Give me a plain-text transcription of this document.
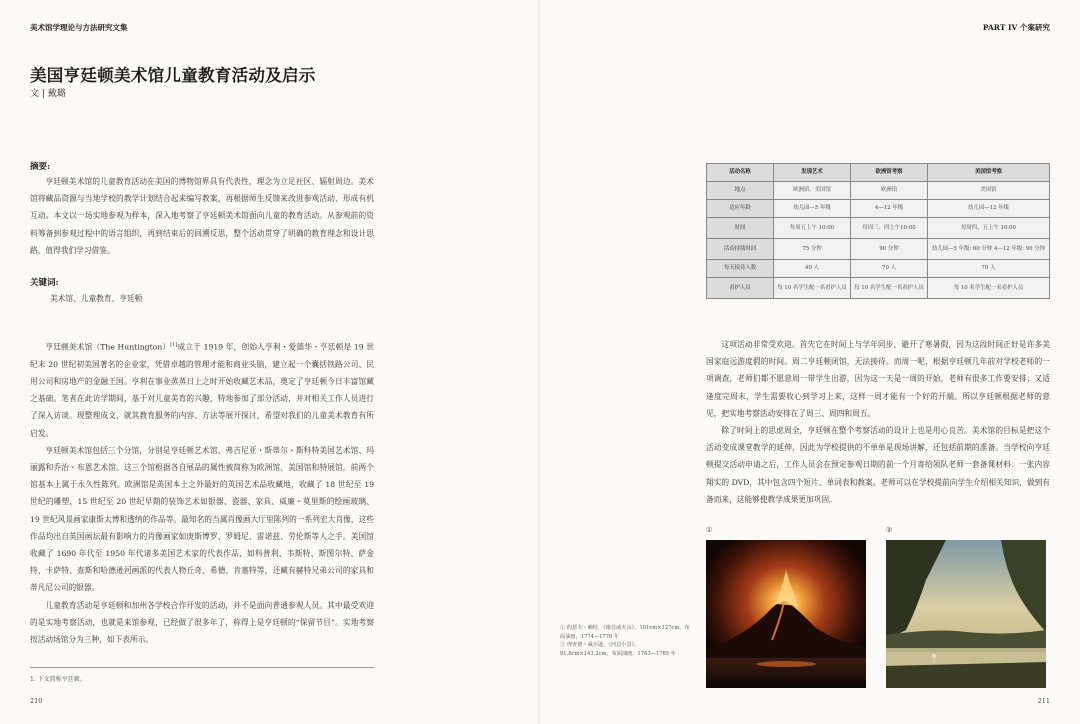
美术馆学理论与方法研究文集
美国亨廷顿美术馆儿童教育活动及启示
文 | 戴璐
摘要:

亨廷顿美术馆的儿童教育活动在美国的博物馆界具有代表性，理念为立足社区、辐射周边。美术馆将藏品资源与当地学校的教学计划结合起来编写教案，再根据师生反馈来改进参观活动，形成有机互动。本文以一场实地参观为样本，深入地考察了亨廷顿美术馆面向儿童的教育活动。从参观前的资料筹备到参观过程中的语言组织，再到结束后的回溯反思，整个活动贯穿了明确的教育理念和设计思路，值得我们学习借鉴。

关键词:
美术馆、儿童教育、亨廷顿

亨廷顿美术馆（The Huntington）[1]成立于 1919 年，创始人亨利・爱德华・亨廷顿是 19 世纪末 20 世纪初美国著名的企业家，凭借卓越的管理才能和商业头脑，建立起一个囊括铁路公司、民用公司和房地产的金融王国。亨利在事业蒸蒸日上之时开始收藏艺术品，奠定了亨廷顿今日丰富馆藏之基础。笔者在此访学期间，基于对儿童美育的兴趣，特地参加了部分活动，并对相关工作人员进行了深入访谈。现整理成文，就其教育服务的内容、方法等展开探讨，希望对我们的儿童美术教育有所启发。

亨廷顿美术馆包括三个分馆，分别是亨廷顿艺术馆、弗吉尼亚・斯蒂尔・斯科特美国艺术馆、玛丽露和乔治・布恩艺术馆。这三个馆根据各自展品的属性被简称为欧洲馆、美国馆和特展馆。前两个馆基本上属于永久性陈列。欧洲馆是英国本土之外最好的英国艺术品收藏地，收藏了 18 世纪至 19 世纪的雕塑，15 世纪至 20 世纪早期的装饰艺术如银器、瓷器、家具、威廉・莫里斯的绘画玻璃、19 世纪风景画家康斯太博和透纳的作品等。最知名的当属肖像画大厅里陈列的一系列宏大肖像，这些作品均出自英国画坛最有影响力的肖像画家如庚斯博罗、罗姆尼、雷诺兹、劳伦斯等人之手。美国馆收藏了 1690 年代至 1950 年代诸多美国艺术家的代表作品，如科普利、韦斯特、斯图尔特、萨金特、卡萨特、查斯和哈德逊河画派的代表人物丘奇、希德、肯塞特等，还藏有赫特兄弟公司的家具和蒂凡尼公司的银器。

儿童教育活动是亨廷顿和加州各学校合作开发的活动，并不是面向普通参观人员。其中最受欢迎的是实地考察活动，也就是来馆参观，已经做了很多年了，称得上是亨廷顿的“保留节目”。实地考察按活动场馆分为三种，如下表所示。

1. 下文简称亨廷顿。
210
PART IV 个案研究
活动名称	发现艺术	欧洲馆考察	美国馆考察
地点	欧洲馆、美国馆	欧洲馆	美国馆
适应年龄	幼儿园—5 年级	4—12 年级	幼儿园—12 年级
时间	每周五上午 10:00	每周三、四上午10:00	每周四、五上午 10:00
活动持续时间	75 分钟	90 分钟	幼儿园—5 年级: 60 分钟 4—12 年级: 90 分钟
每天接待人数	40 人	70 人	70 人
看护人员	每 10 名学生配一名看护人员	每 10 名学生配一名看护人员	每 10 名学生配一名看护人员

这项活动非常受欢迎。首先它在时间上与学年同步，避开了寒暑假，因为这段时间正好是许多美国家庭远游度假的时间。周二亨廷顿闭馆，无法接待。而周一呢，根据亨廷顿几年前对学校老师的一项调查，老师们都不愿意周一带学生出游，因为这一天是一周的开始，老师有很多工作要安排；又适逢度完周末，学生需要收心到学习上来，这样一周才能有一个好的开端。所以亨廷顿根据老师的意见，把实地考察活动安排在了周三、周四和周五。

除了时间上的思虑周全，亨廷顿在整个考察活动的设计上也是用心良苦。美术馆的目标是把这个活动变成课堂教学的延伸，因此为学校提供的不单单是现场讲解，还包括前期的准备。当学校向亨廷顿提交活动申请之后，工作人员会在预定参观日期的前一个月寄给领队老师一套备课材料：一张内容翔实的 DVD，其中包含四个短片、单词表和教案。老师可以在学校提前向学生介绍相关知识，做到有备而来，这能够使教学成果更加巩固。

①	②

① 约瑟夫・赖特，《维苏威火山》，101cm×127cm，布面油画，1774—1776 年

② 理查德・威尔逊，《河边小景》，91.8cm×143.2cm，布面油画，1763—1765 年

211
